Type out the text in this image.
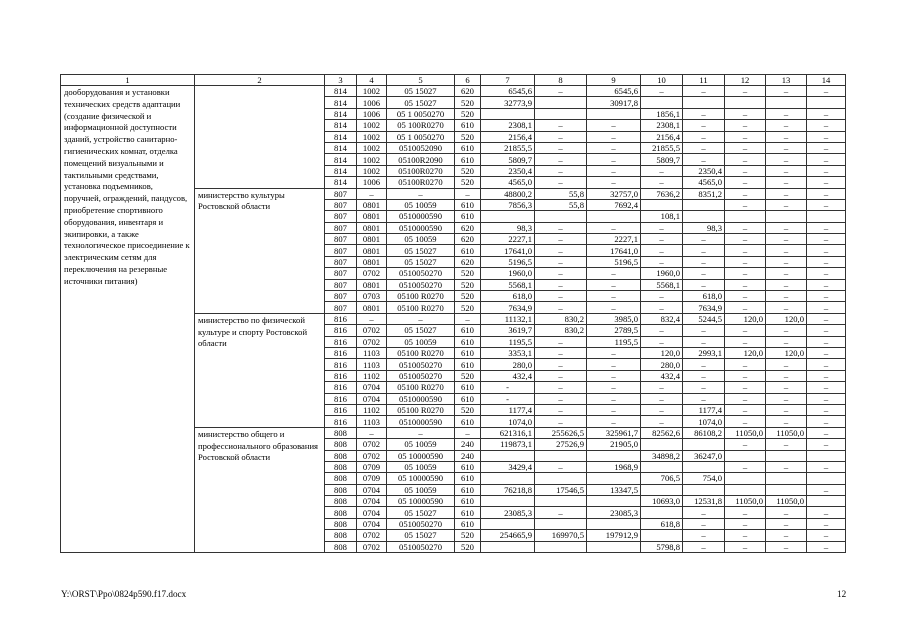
1	2	3	4	5	6	7	8	9	10	11	12	13	14
дооборудования и установки технических средств адаптации (создание физической и информационной доступности зданий, устройство санитарно-гигиенических комнат, отделка помещений визуальными и тактильными средствами, установка подъемников, поручней, ограждений, пандусов, приобретение спортивного оборудования, инвентаря и экипировки, а также технологическое присоединение к электрическим сетям для переключения на резервные источники питания)		814	1002	05 15027	620	6545,6	–	6545,6	–	–	–	–	–
		814	1006	05 15027	520	32773,9		30917,8					
		814	1006	05 1 0050270	520				1856,1	–	–	–	–
		814	1002	05 100R0270	610	2308,1	–	–	2308,1	–	–	–	–
		814	1002	05 1 0050270	520	2156,4	–	–	2156,4	–	–	–	–
		814	1002	0510052090	610	21855,5	–	–	21855,5	–	–	–	–
		814	1002	05100R2090	610	5809,7	–	–	5809,7	–	–	–	–
		814	1002	05100R0270	520	2350,4	–	–	–	2350,4	–	–	–
		814	1006	05100R0270	520	4565,0	–	–	–	4565,0	–	–	–
	министерство культуры Ростовской области	807	–	–	–	48800,2	55,8	32757,0	7636,2	8351,2	–	–	–
		807	0801	05 10059	610	7856,3	55,8	7692,4			–	–	–
		807	0801	0510000590	610				108,1				
		807	0801	0510000590	620	98,3	–	–	–	98,3	–	–	–
		807	0801	05 10059	620	2227,1	–	2227,1	–	–	–	–	–
		807	0801	05 15027	610	17641,0	–	17641,0	–	–	–	–	–
		807	0801	05 15027	620	5196,5	–	5196,5	–	–	–	–	–
		807	0702	0510050270	520	1960,0	–	–	1960,0	–	–	–	–
		807	0801	0510050270	520	5568,1	–	–	5568,1	–	–	–	–
		807	0703	05100 R0270	520	618,0	–	–	–	618,0	–	–	–
		807	0801	05100 R0270	520	7634,9	–	–	–	7634,9	–	–	–
	министерство по физической культуре и спорту Ростовской области	816	–	–	–	11132,1	830,2	3985,0	832,4	5244,5	120,0	120,0	–
		816	0702	05 15027	610	3619,7	830,2	2789,5	–	–	–	–	–
		816	0702	05 10059	610	1195,5	–	1195,5	–	–	–	–	–
		816	1103	05100 R0270	610	3353,1	–	–	120,0	2993,1	120,0	120,0	–
		816	1103	0510050270	610	280,0	–	–	280,0	–	–	–	–
		816	1102	0510050270	520	432,4	–	–	432,4	–	–	–	–
		816	0704	05100 R0270	610	-	–	–	–	–	–	–	–
		816	0704	0510000590	610	-	–	–	–	–	–	–	–
		816	1102	05100 R0270	520	1177,4	–	–	–	1177,4	–	–	–
		816	1103	0510000590	610	1074,0	–	–	–	1074,0	–	–	–
	министерство общего и профессионального образования Ростовской области	808	–	–	–	621316,1	255626,5	325961,7	82562,6	86108,2	11050,0	11050,0	–
		808	0702	05 10059	240	119873,1	27526,9	21905,0			–	–	–
		808	0702	05 10000590	240				34898,2	36247,0			
		808	0709	05 10059	610	3429,4	–	1968,9			–	–	–
		808	0709	05 10000590	610				706,5	754,0			
		808	0704	05 10059	610	76218,8	17546,5	13347,5					–
		808	0704	05 10000590	610				10693,0	12531,8	11050,0	11050,0	
		808	0704	05 15027	610	23085,3	–	23085,3		–	–	–	–
		808	0704	0510050270	610				618,8	–	–	–	–
		808	0702	05 15027	520	254665,9	169970,5	197912,9		–	–	–	–
		808	0702	0510050270	520				5798,8	–	–	–	–
Y:\ORST\Ppo\0824p590.f17.docx	12
